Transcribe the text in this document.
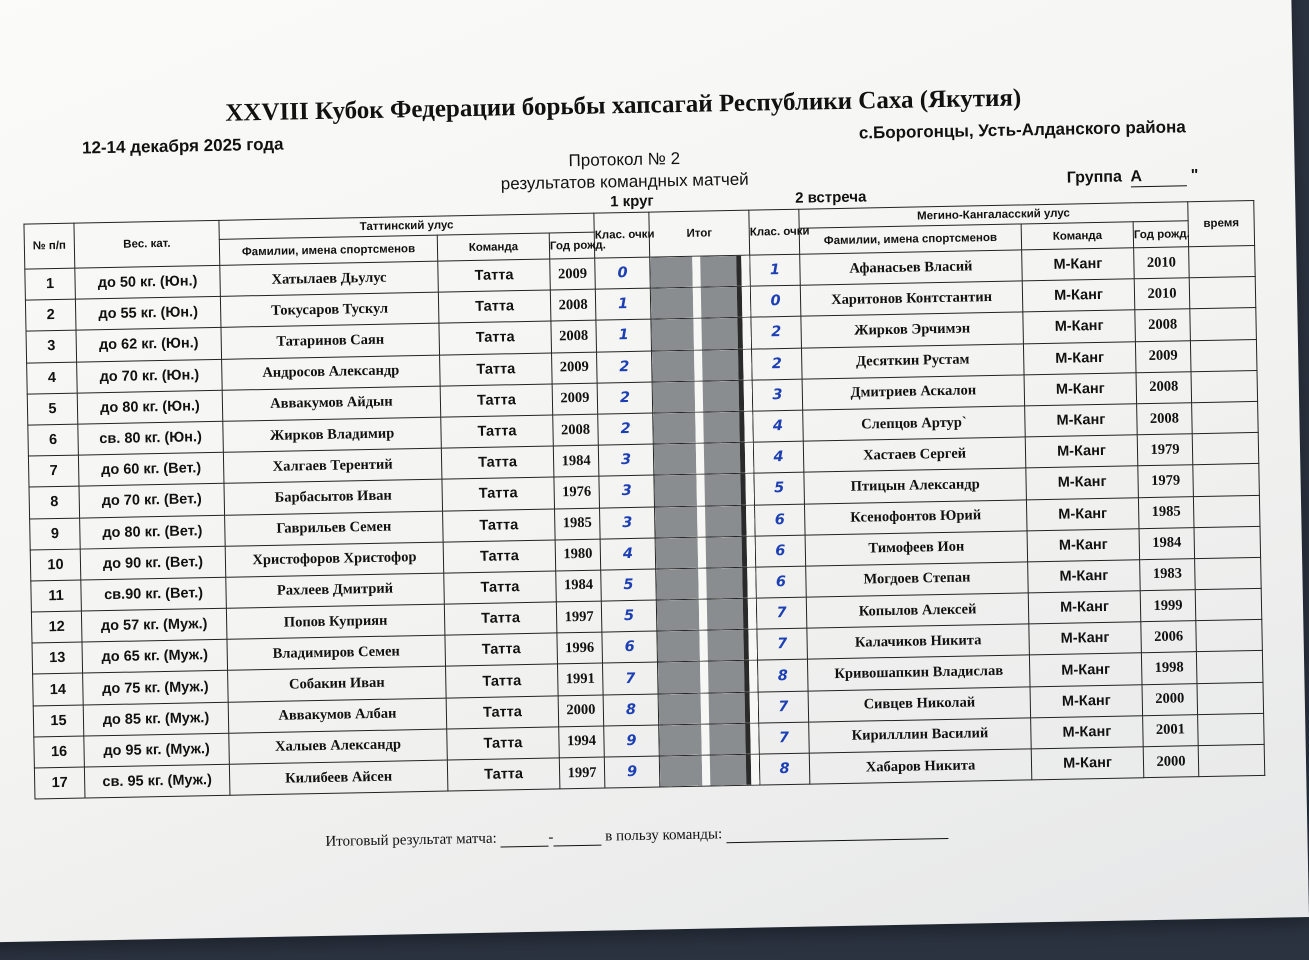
XXVIII Кубок Федерации борьбы хапсагай Республики Саха (Якутия)
12-14 декабря 2025 года
с.Борогонцы, Усть-Алданского района
Протокол № 2
результатов командных матчей
1 круг	2 встреча
Группа А	"
№ п/п	Вес. кат.	Таттинский улус			Клас. очки	Итог	Клас. очки	Мегино-Кангаласский улус			время
		Фамилии, имена спортсменов	Команда	Год рожд.				Фамилии, имена спортсменов	Команда	Год рожд.	
1	до 50 кг. (Юн.)	Хатылаев Дьулус	Татта	2009	0		1	Афанасьев Власий	М-Канг	2010	
2	до 55 кг. (Юн.)	Токусаров Тускул	Татта	2008	1		0	Харитонов Контстантин	М-Канг	2010	
3	до 62 кг. (Юн.)	Татаринов Саян	Татта	2008	1		2	Жирков Эрчимэн	М-Канг	2008	
4	до 70 кг. (Юн.)	Андросов Александр	Татта	2009	2		2	Десяткин Рустам	М-Канг	2009	
5	до 80 кг. (Юн.)	Аввакумов Айдын	Татта	2009	2		3	Дмитриев Аскалон	М-Канг	2008	
6	св. 80 кг. (Юн.)	Жирков Владимир	Татта	2008	2		4	Слепцов Артур`	М-Канг	2008	
7	до 60 кг. (Вет.)	Халгаев Терентий	Татта	1984	3		4	Хастаев Сергей	М-Канг	1979	
8	до 70 кг. (Вет.)	Барбасытов Иван	Татта	1976	3		5	Птицын Александр	М-Канг	1979	
9	до 80 кг. (Вет.)	Гаврильев Семен	Татта	1985	3		6	Ксенофонтов Юрий	М-Канг	1985	
10	до 90 кг. (Вет.)	Христофоров Христофор	Татта	1980	4		6	Тимофеев Ион	М-Канг	1984	
11	св.90 кг. (Вет.)	Рахлеев Дмитрий	Татта	1984	5		6	Могдоев Степан	М-Канг	1983	
12	до 57 кг. (Муж.)	Попов Куприян	Татта	1997	5		7	Копылов Алексей	М-Канг	1999	
13	до 65 кг. (Муж.)	Владимиров Семен	Татта	1996	6		7	Калачиков Никита	М-Канг	2006	
14	до 75 кг. (Муж.)	Собакин Иван	Татта	1991	7		8	Кривошапкин Владислав	М-Канг	1998	
15	до 85 кг. (Муж.)	Аввакумов Албан	Татта	2000	8		7	Сивцев Николай	М-Канг	2000	
16	до 95 кг. (Муж.)	Халыев Александр	Татта	1994	9		7	Кирилллин Василий	М-Канг	2001	
17	св. 95 кг. (Муж.)	Килибеев Айсен	Татта	1997	9		8	Хабаров Никита	М-Канг	2000	
Итоговый результат матча:	-	в пользу команды:
